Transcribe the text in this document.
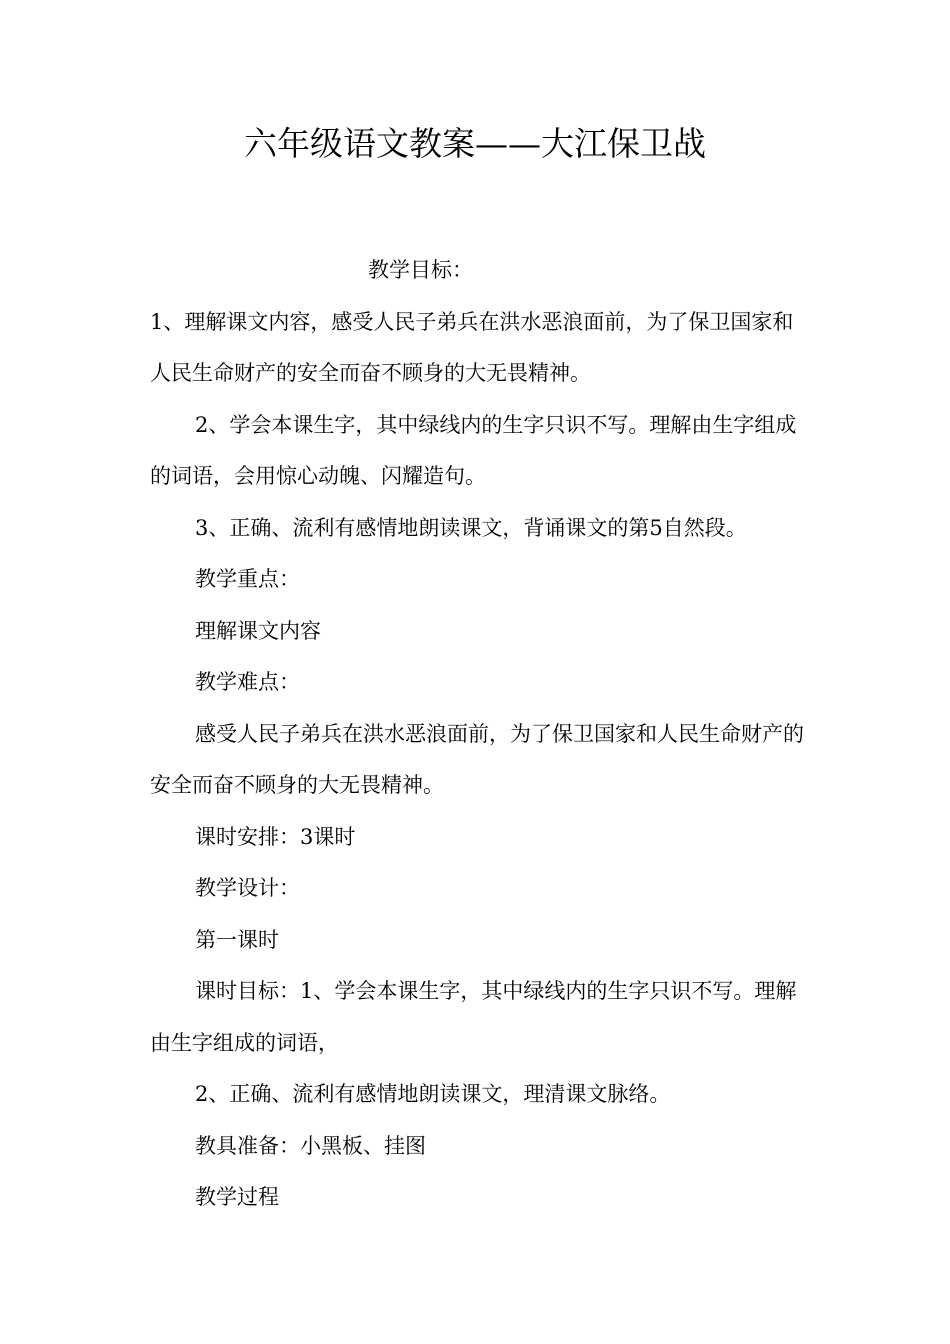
六年级语文教案——大江保卫战

教学目标：

1、理解课文内容，感受人民子弟兵在洪水恶浪面前，为了保卫国家和人民生命财产的安全而奋不顾身的大无畏精神。

2、学会本课生字，其中绿线内的生字只识不写。理解由生字组成的词语，会用惊心动魄、闪耀造句。

3、正确、流利有感情地朗读课文，背诵课文的第5自然段。

教学重点：

理解课文内容

教学难点：

感受人民子弟兵在洪水恶浪面前，为了保卫国家和人民生命财产的安全而奋不顾身的大无畏精神。

课时安排：3课时

教学设计：

第一课时

课时目标：1、学会本课生字，其中绿线内的生字只识不写。理解由生字组成的词语，

2、正确、流利有感情地朗读课文，理清课文脉络。

教具准备：小黑板、挂图

教学过程
